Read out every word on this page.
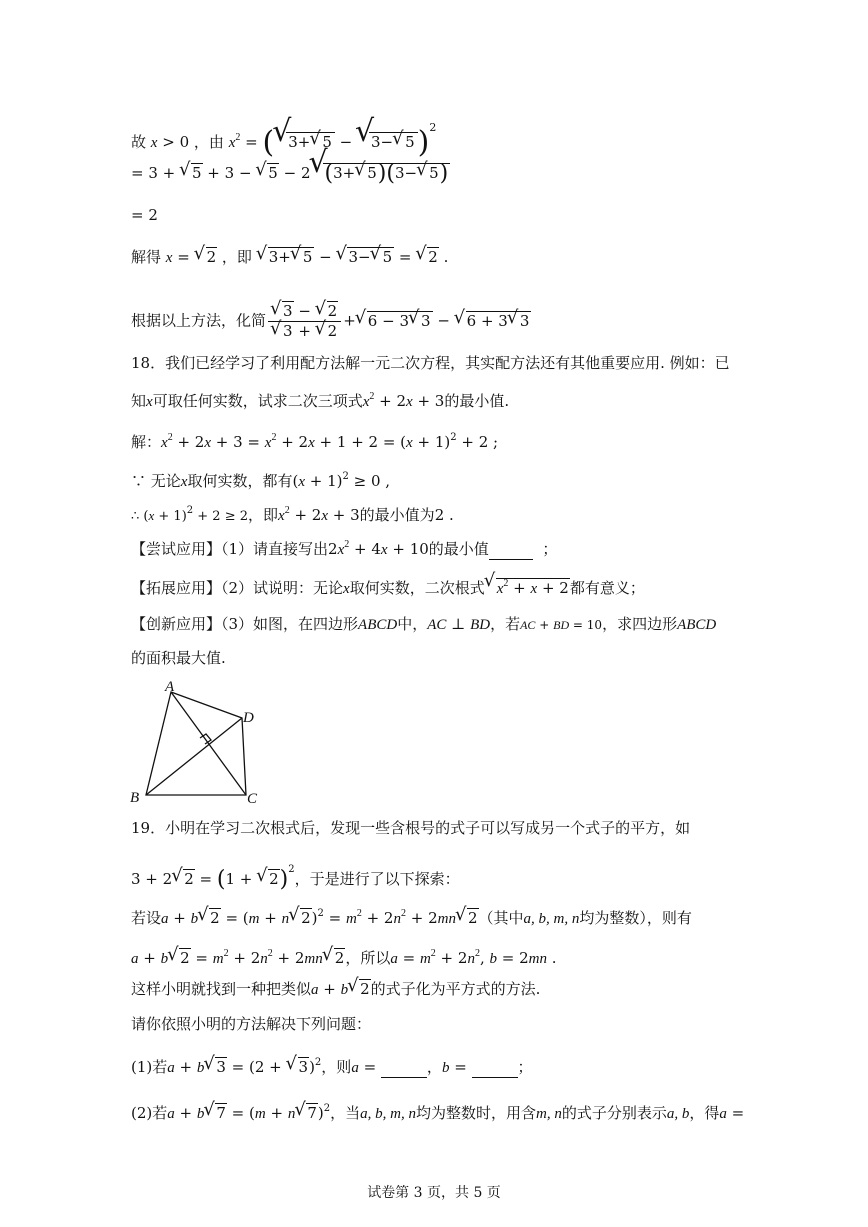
故 x > 0 ，由 $x^2$ = (√ 3+√ 5 − √ 3−√ 5 )$^2$
= 3 + √ 5 + 3 − √ 5 − 2√ (3+√ 5)(3−√ 5)
= 2
解得 x = √ 2 ，即 √ 3+√ 5 − √ 3−√ 5 = √ 2 .
根据以上方法，化简
√ 3 − √ 2
√ 3 + √ 2 +√ 6 − 3√ 3 − √ 6 + 3√ 3
18．我们已经学习了利用配方法解一元二次方程，其实配方法还有其他重要应用. 例如：已
知x可取任何实数，试求二次三项式$x^2 + 2x + 3$的最小值.
解：$x^2 + 2x + 3 = x^2 + 2x + 1 + 2 = (x + 1)^2 + 2$ ;
∵ 无论x取何实数，都有$(x + 1)^2 \ge 0$ ,
∴ $(x + 1)^2 + 2 \ge 2$，即$x^2 + 2x + 3$的最小值为2 .
【尝试应用】（1）请直接写出$2x^2 + 4x + 10$的最小值	；
【拓展应用】（2）试说明：无论x取何实数，二次根式√ $x^2 + x + 2$都有意义；
【创新应用】（3）如图，在四边形ABCD中，AC ⊥ BD，若AC + BD = 10，求四边形ABCD
的面积最大值.
A
B	C
D
19．小明在学习二次根式后，发现一些含根号的式子可以写成另一个式子的平方，如
3 + 2√ 2 = (1 + √ 2)$^2$，于是进行了以下探索：
若设a + b√ 2 = (m + n√ $2)^2 = m^2 + 2n^2 + 2mn√$ 2（其中a, b, m, n均为整数），则有
a + b√ $2 = m^2 + 2n^2 + 2mn√$ 2，所以$a = m^2 + 2n^2$, b = 2mn .
这样小明就找到一种把类似a + b√ 2的式子化为平方式的方法.
请你依照小明的方法解决下列问题：
(1)若a + b√ 3 = (2 + √ 3)$^2$，则a =	，b =	；
(2)若a + b√ 7 = (m + n√ 7)$^2$，当a, b, m, n均为整数时，用含m, n的式子分别表示a, b，得a =
试卷第 3 页，共 5 页
